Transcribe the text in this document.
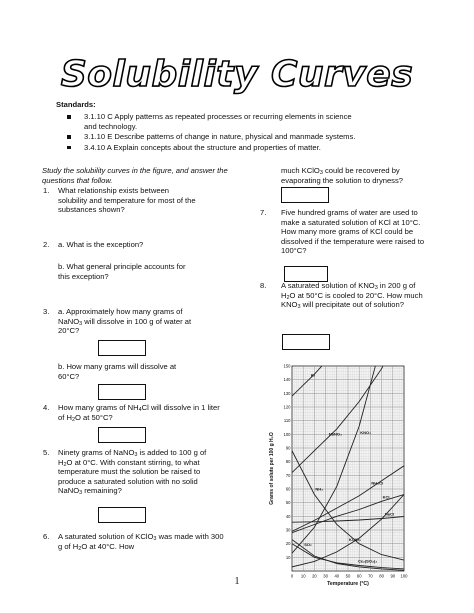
Solubility Curves
Standards:
3.1.10 C Apply patterns as repeated processes or recurring elements in science and technology.
3.1.10 E Describe patterns of change in nature, physical and manmade systems.
3.4.10 A Explain concepts about the structure and properties of matter.
Study the solubility curves in the figure, and answer the questions that follow.
1. What relationship exists between solubility and temperature for most of the substances shown?
2. a. What is the exception?
b. What general principle accounts for this exception?
3. a. Approximately how many grams of NaNO$_3$ will dissolve in 100 g of water at 20°C?
b. How many grams will dissolve at 60°C?
4. How many grams of $NH_4Cl$ will dissolve in 1 liter of $H_2O$ at 50°C?
5. Ninety grams of NaNO$_3$ is added to 100 g of $H_2O$ at 0°C. With constant stirring, to what temperature must the solution be raised to produce a saturated solution with no solid NaNO$_3$ remaining?
6. A saturated solution of KClO$_3$ was made with 300 g of $H_2O$ at 40°C. How
much KClO$_3$ could be recovered by evaporating the solution to dryness?
7. Five hundred grams of water are used to make a saturated solution of KCl at 10°C. How many more grams of KCl could be dissolved if the temperature were raised to 100°C?
8. A saturated solution of $KNO_3$ in 200 g of $H_2O$ at 50°C is cooled to 20°C. How much $KNO_3$ will precipitate out of solution?
0 10 20 30 40 50 60 70 80 90 100
10
20
30
40
50
60
70
80
90
100
110
120
130
140
150
Temperature (°C)
Grams of solute per 100 g H₂O
KI
NaNO₃	KNO₃
NH₃
NH₄Cl
KCl
NaCl
KClO₃
Ce₂(SO₄)₃
SO₂
1
